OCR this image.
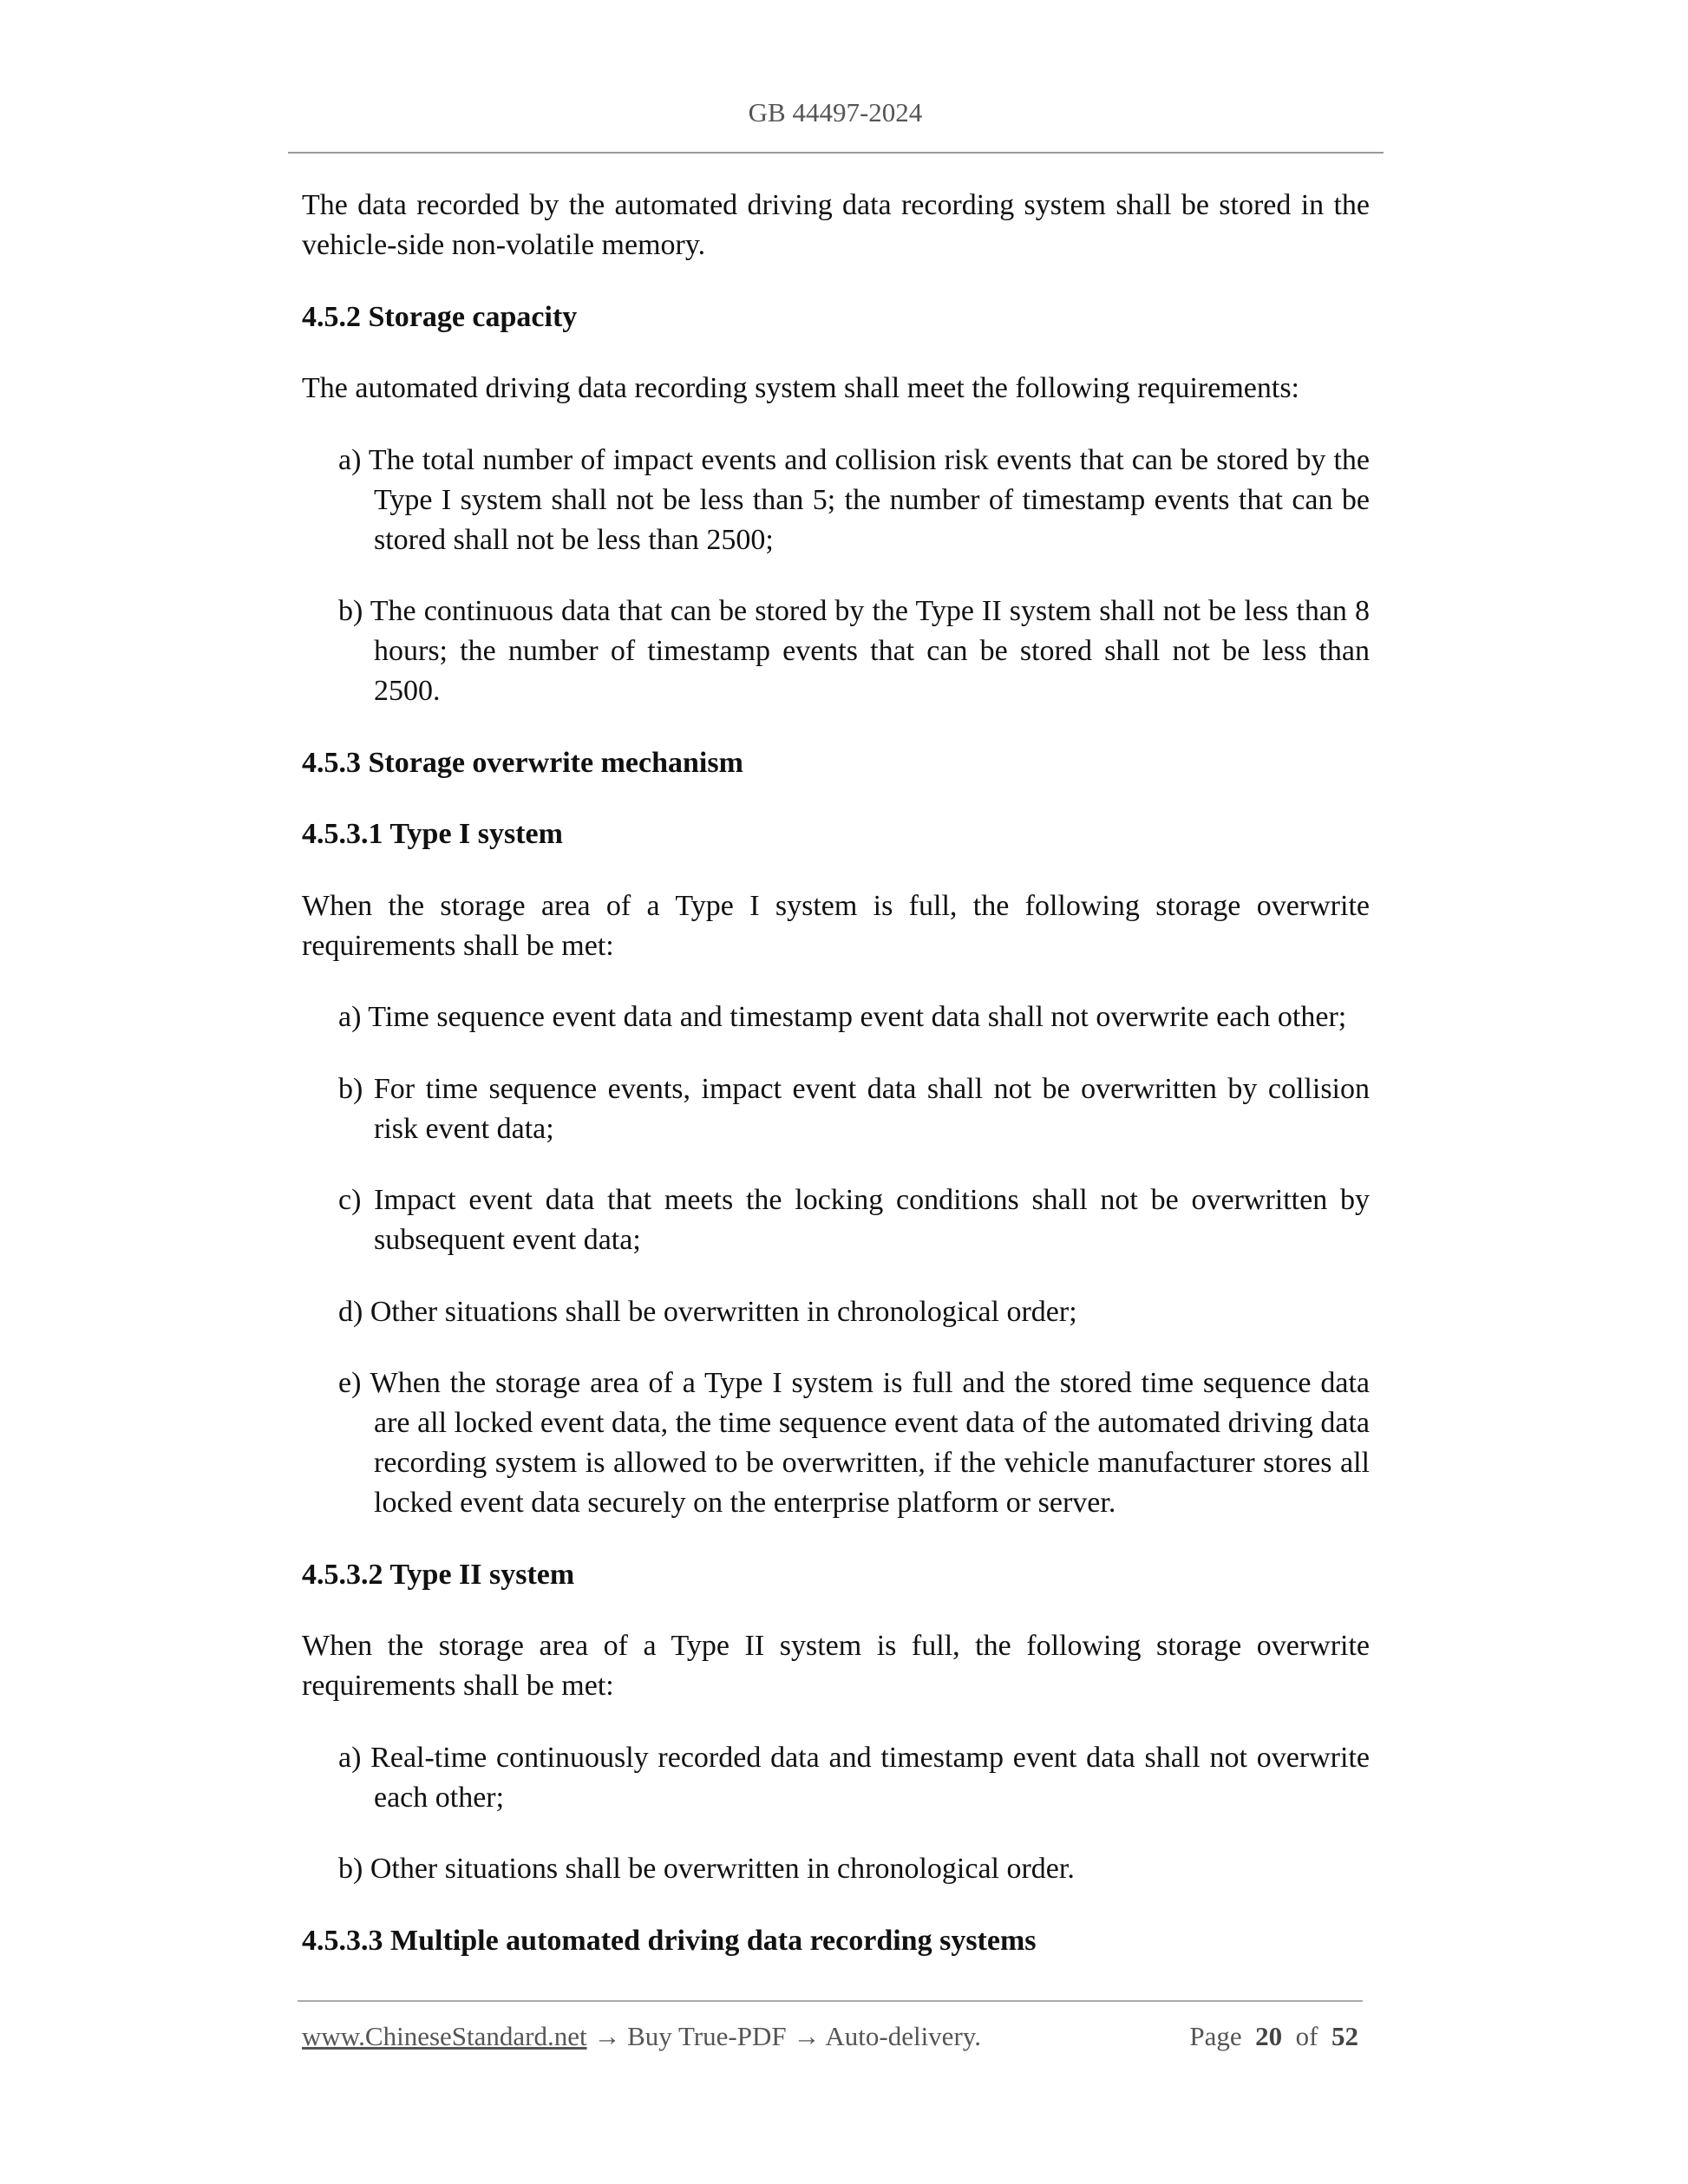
GB 44497-2024

The data recorded by the automated driving data recording system shall be stored in the vehicle-side non-volatile memory.

4.5.2 Storage capacity

The automated driving data recording system shall meet the following requirements:

a) The total number of impact events and collision risk events that can be stored by the Type I system shall not be less than 5; the number of timestamp events that can be stored shall not be less than 2500;

b) The continuous data that can be stored by the Type II system shall not be less than 8 hours; the number of timestamp events that can be stored shall not be less than 2500.

4.5.3 Storage overwrite mechanism

4.5.3.1 Type I system

When the storage area of a Type I system is full, the following storage overwrite requirements shall be met:

a) Time sequence event data and timestamp event data shall not overwrite each other;

b) For time sequence events, impact event data shall not be overwritten by collision risk event data;

c) Impact event data that meets the locking conditions shall not be overwritten by subsequent event data;

d) Other situations shall be overwritten in chronological order;

e) When the storage area of a Type I system is full and the stored time sequence data are all locked event data, the time sequence event data of the automated driving data recording system is allowed to be overwritten, if the vehicle manufacturer stores all locked event data securely on the enterprise platform or server.

4.5.3.2 Type II system

When the storage area of a Type II system is full, the following storage overwrite requirements shall be met:

a) Real-time continuously recorded data and timestamp event data shall not overwrite each other;

b) Other situations shall be overwritten in chronological order.

4.5.3.3 Multiple automated driving data recording systems

www.ChineseStandard.net → Buy True-PDF → Auto-delivery.	Page 20 of 52
